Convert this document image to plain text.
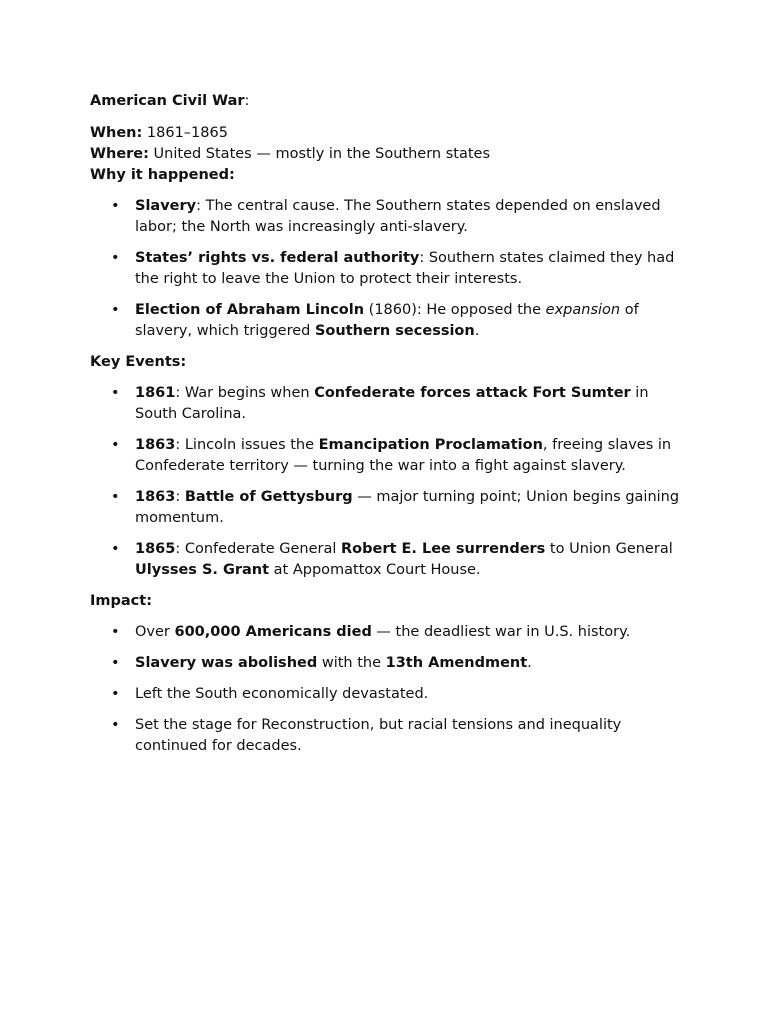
American Civil War:

When: 1861–1865

Where: United States — mostly in the Southern states

Why it happened:

• Slavery: The central cause. The Southern states depended on enslaved labor; the North was increasingly anti-slavery.
• States’ rights vs. federal authority: Southern states claimed they had the right to leave the Union to protect their interests.
• Election of Abraham Lincoln (1860): He opposed the expansion of slavery, which triggered Southern secession.

Key Events:

• 1861: War begins when Confederate forces attack Fort Sumter in South Carolina.
• 1863: Lincoln issues the Emancipation Proclamation, freeing slaves in Confederate territory — turning the war into a fight against slavery.
• 1863: Battle of Gettysburg — major turning point; Union begins gaining momentum.
• 1865: Confederate General Robert E. Lee surrenders to Union General Ulysses S. Grant at Appomattox Court House.

Impact:

• Over 600,000 Americans died — the deadliest war in U.S. history.
• Slavery was abolished with the 13th Amendment.
• Left the South economically devastated.
• Set the stage for Reconstruction, but racial tensions and inequality continued for decades.
